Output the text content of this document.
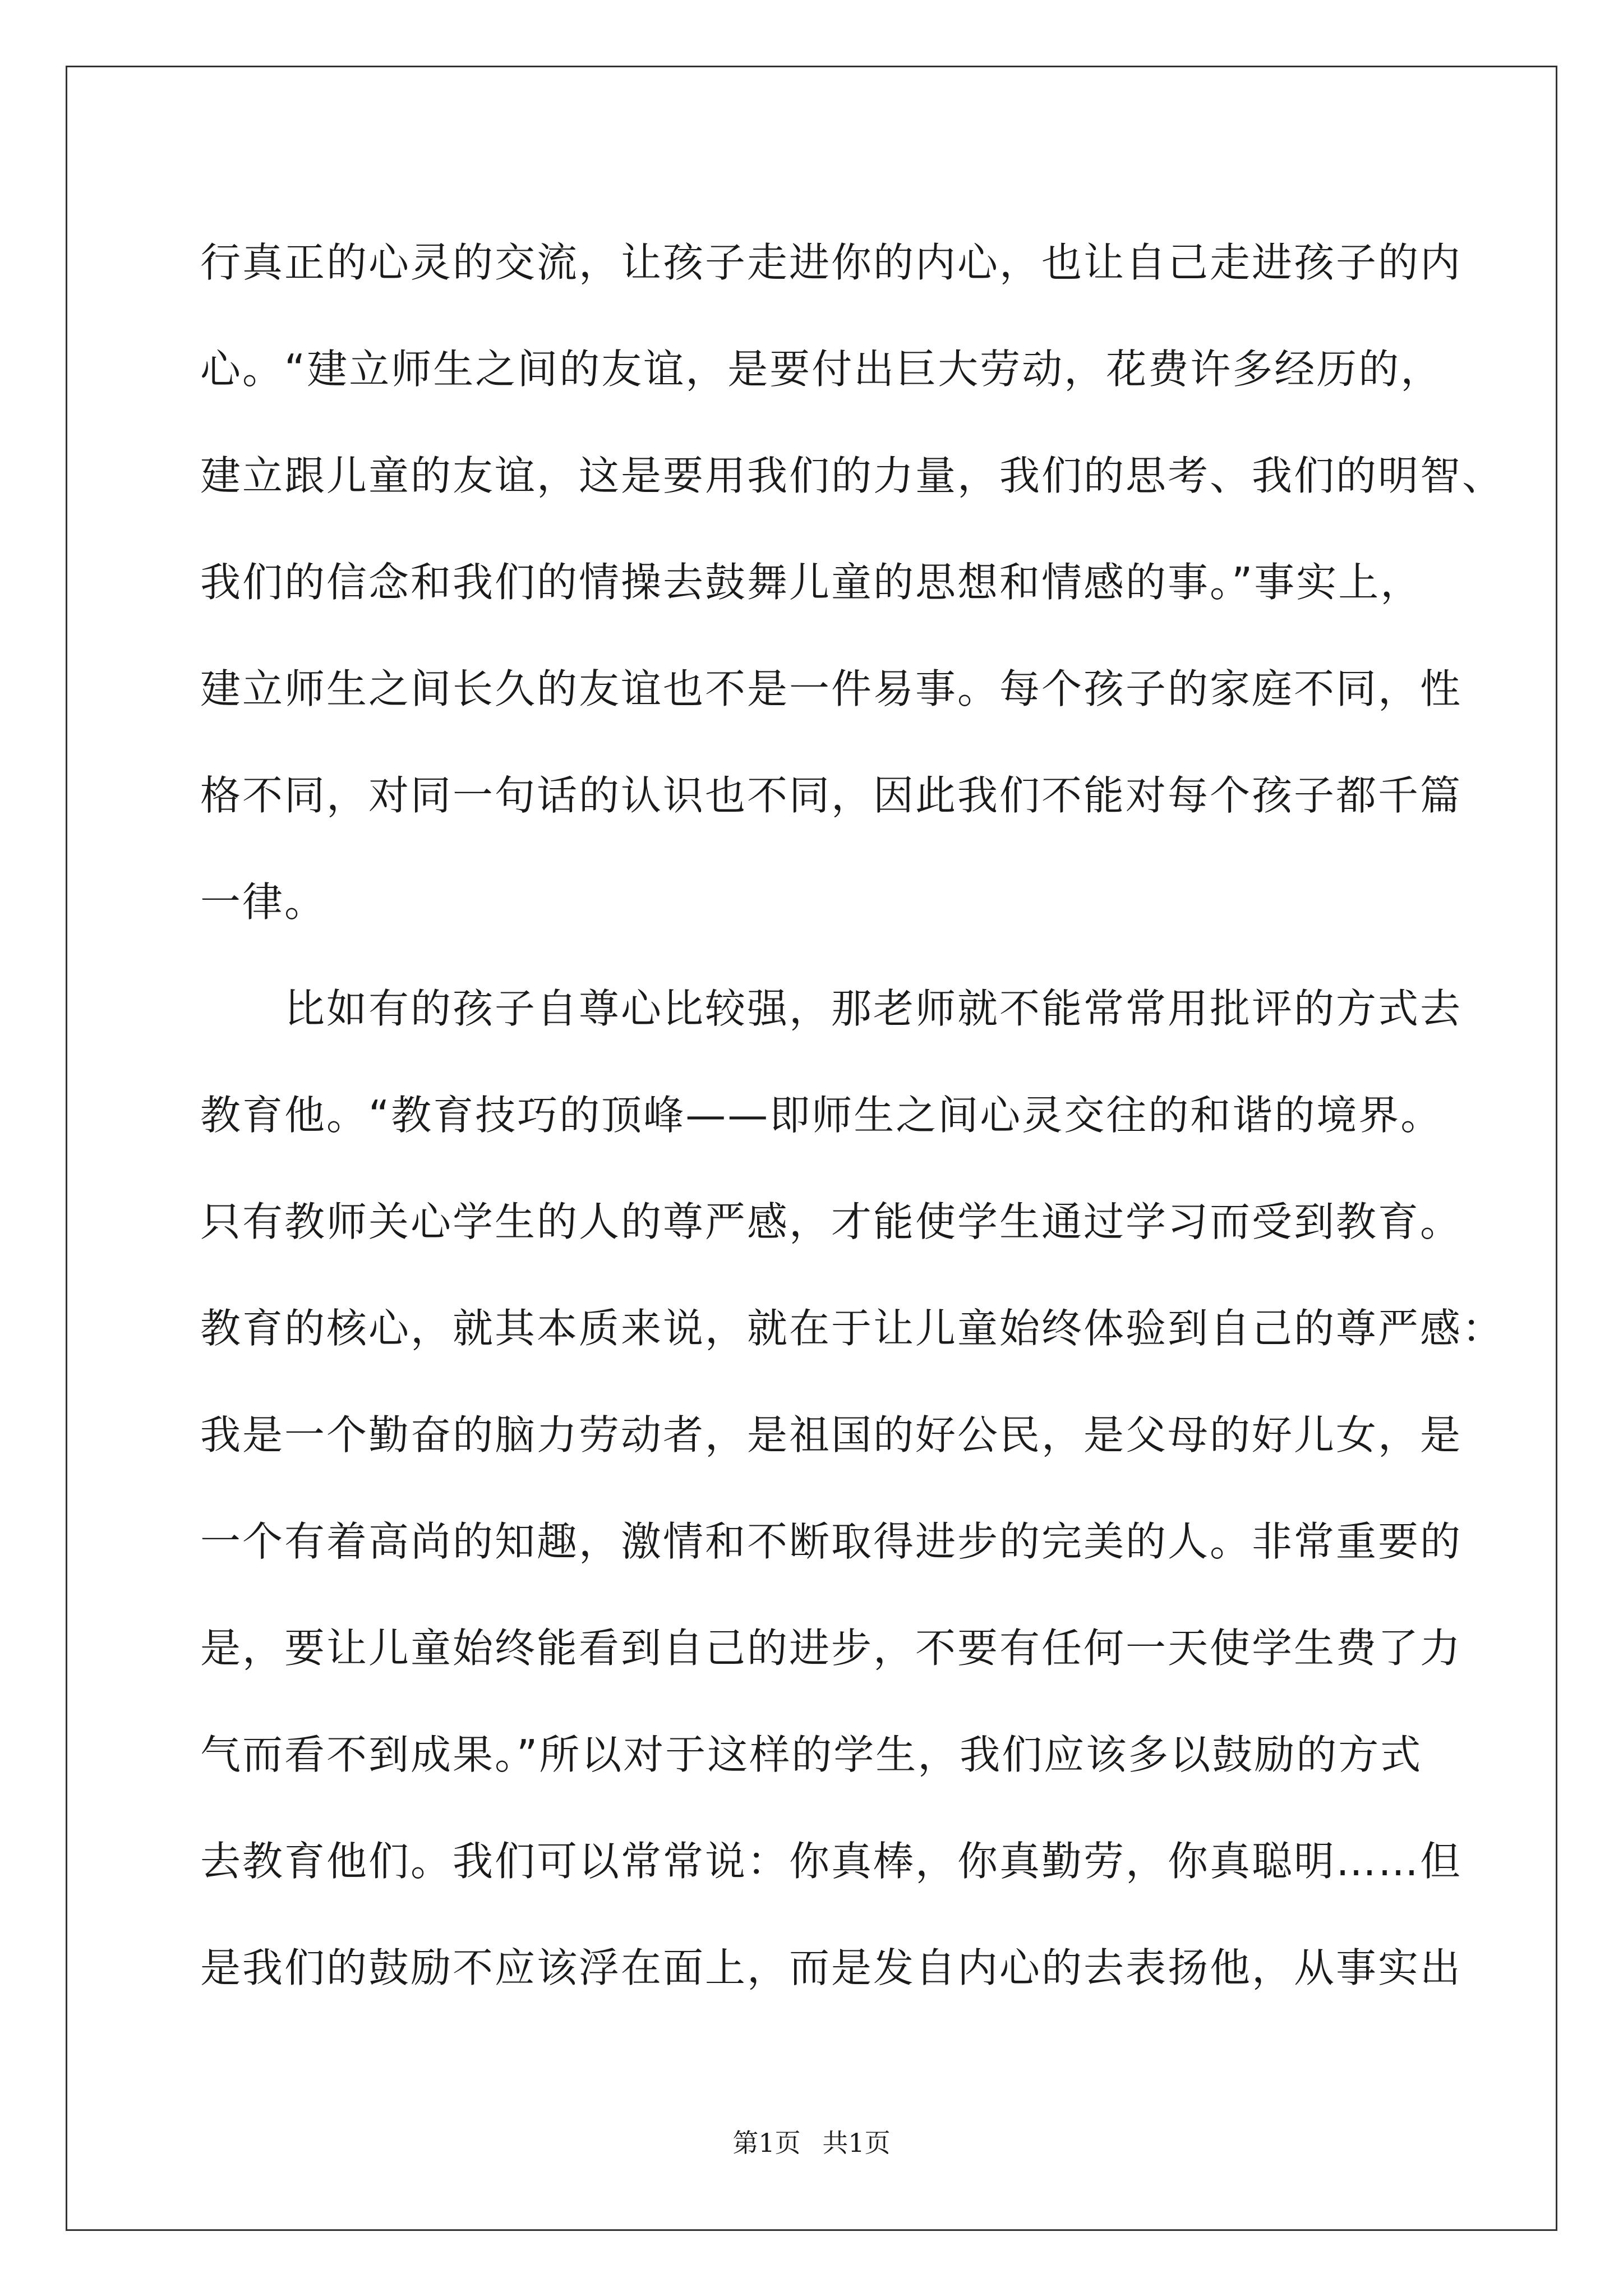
行真正的心灵的交流，让孩子走进你的内心，也让自己走进孩子的内
心。“建立师生之间的友谊，是要付出巨大劳动，花费许多经历的，
建立跟儿童的友谊，这是要用我们的力量，我们的思考、我们的明智、
我们的信念和我们的情操去鼓舞儿童的思想和情感的事。”事实上，
建立师生之间长久的友谊也不是一件易事。每个孩子的家庭不同，性
格不同，对同一句话的认识也不同，因此我们不能对每个孩子都千篇
一律。
　　比如有的孩子自尊心比较强，那老师就不能常常用批评的方式去
教育他。“教育技巧的顶峰——即师生之间心灵交往的和谐的境界。
只有教师关心学生的人的尊严感，才能使学生通过学习而受到教育。
教育的核心，就其本质来说，就在于让儿童始终体验到自己的尊严感：
我是一个勤奋的脑力劳动者，是祖国的好公民，是父母的好儿女，是
一个有着高尚的知趣，激情和不断取得进步的完美的人。非常重要的
是，要让儿童始终能看到自己的进步，不要有任何一天使学生费了力
气而看不到成果。”所以对于这样的学生，我们应该多以鼓励的方式
去教育他们。我们可以常常说：你真棒，你真勤劳，你真聪明……但
是我们的鼓励不应该浮在面上，而是发自内心的去表扬他，从事实出
第1页 共1页
